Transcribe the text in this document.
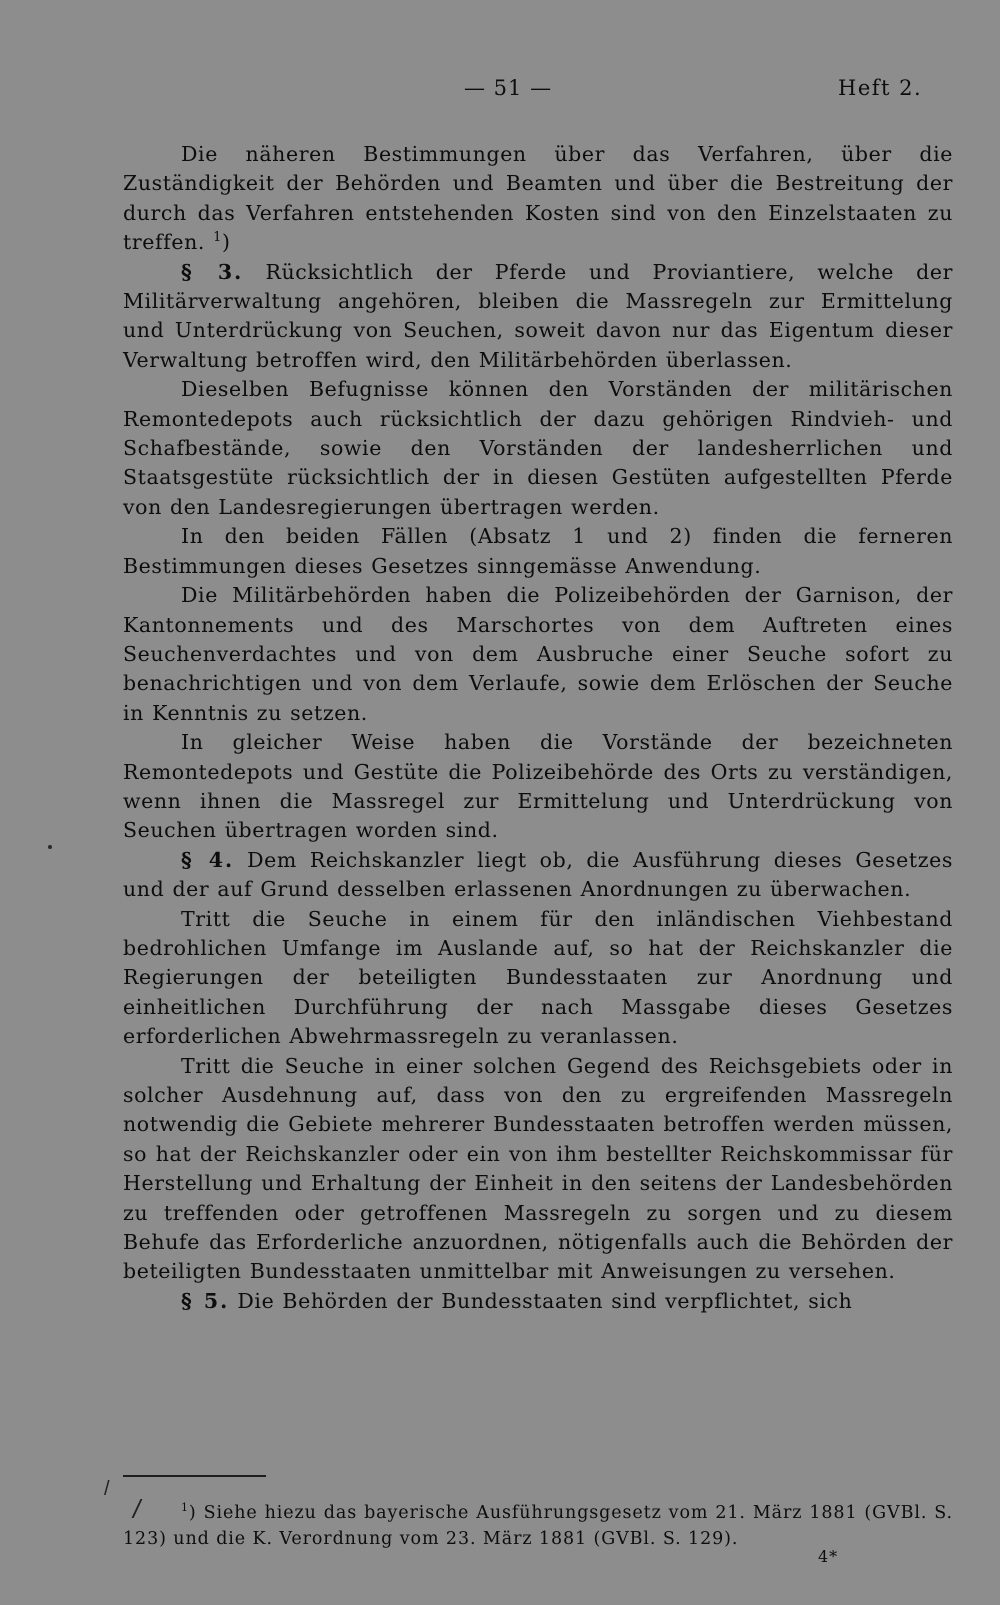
— 51 —	Heft 2.

Die näheren Bestimmungen über das Verfahren, über die Zuständigkeit der Behörden und Beamten und über die Bestreitung der durch das Verfahren entstehenden Kosten sind von den Einzelstaaten zu treffen. $^1$)

§ 3. Rücksichtlich der Pferde und Proviantiere, welche der Militärverwaltung angehören, bleiben die Massregeln zur Ermittelung und Unterdrückung von Seuchen, soweit davon nur das Eigentum dieser Verwaltung betroffen wird, den Militärbehörden überlassen.

Dieselben Befugnisse können den Vorständen der militärischen Remontedepots auch rücksichtlich der dazu gehörigen Rindvieh- und Schafbestände, sowie den Vorständen der landesherrlichen und Staatsgestüte rücksichtlich der in diesen Gestüten aufgestellten Pferde von den Landesregierungen übertragen werden.

In den beiden Fällen (Absatz 1 und 2) finden die ferneren Bestimmungen dieses Gesetzes sinngemässe Anwendung.

Die Militärbehörden haben die Polizeibehörden der Garnison, der Kantonnements und des Marschortes von dem Auftreten eines Seuchenverdachtes und von dem Ausbruche einer Seuche sofort zu benachrichtigen und von dem Verlaufe, sowie dem Erlöschen der Seuche in Kenntnis zu setzen.

In gleicher Weise haben die Vorstände der bezeichneten Remontedepots und Gestüte die Polizeibehörde des Orts zu verständigen, wenn ihnen die Massregel zur Ermittelung und Unterdrückung von Seuchen übertragen worden sind.

§ 4. Dem Reichskanzler liegt ob, die Ausführung dieses Gesetzes und der auf Grund desselben erlassenen Anordnungen zu überwachen.

Tritt die Seuche in einem für den inländischen Viehbestand bedrohlichen Umfange im Auslande auf, so hat der Reichskanzler die Regierungen der beteiligten Bundesstaaten zur Anordnung und einheitlichen Durchführung der nach Massgabe dieses Gesetzes erforderlichen Abwehrmassregeln zu veranlassen.

Tritt die Seuche in einer solchen Gegend des Reichsgebiets oder in solcher Ausdehnung auf, dass von den zu ergreifenden Massregeln notwendig die Gebiete mehrerer Bundesstaaten betroffen werden müssen, so hat der Reichskanzler oder ein von ihm bestellter Reichskommissar für Herstellung und Erhaltung der Einheit in den seitens der Landesbehörden zu treffenden oder getroffenen Massregeln zu sorgen und zu diesem Behufe das Erforderliche anzuordnen, nötigenfalls auch die Behörden der beteiligten Bundesstaaten unmittelbar mit Anweisungen zu versehen.

§ 5. Die Behörden der Bundesstaaten sind verpflichtet, sich

/
/	$^1$) Siehe hiezu das bayerische Ausführungsgesetz vom 21. März 1881 (GVBl. S. 123) und die K. Verordnung vom 23. März 1881 (GVBl. S. 129).
4*
